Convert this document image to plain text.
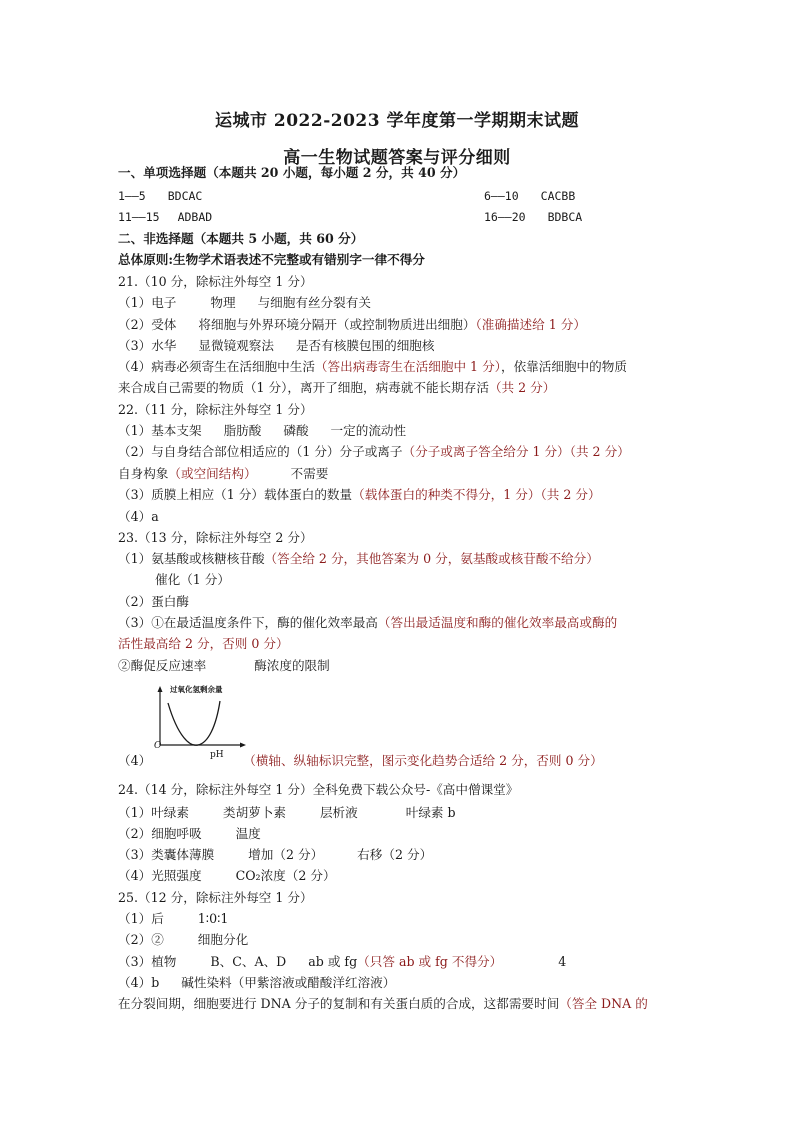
运城市 2022-2023 学年度第一学期期末试题
高一生物试题答案与评分细则
一、单项选择题（本题共 20 小题，每小题 2 分，共 40 分）
1——5 BDCAC	6——10 CACBB
11——15 ADBAD	16——20 BDBCA
二、非选择题（本题共 5 小题，共 60 分）
总体原则:生物学术语表述不完整或有错别字一律不得分
21.（10 分，除标注外每空 1 分）
（1）电子	物理 与细胞有丝分裂有关
（2）受体 将细胞与外界环境分隔开（或控制物质进出细胞）（准确描述给 1 分）
（3）水华 显微镜观察法 是否有核膜包围的细胞核
（4）病毒必须寄生在活细胞中生活（答出病毒寄生在活细胞中 1 分），依靠活细胞中的物质
来合成自己需要的物质（1 分），离开了细胞，病毒就不能长期存活（共 2 分）
22.（11 分，除标注外每空 1 分）
（1）基本支架 脂肪酸 磷酸 一定的流动性
（2）与自身结合部位相适应的（1 分）分子或离子（分子或离子答全给分 1 分）（共 2 分）
自身构象（或空间结构）	不需要
（3）质膜上相应（1 分）载体蛋白的数量（载体蛋白的种类不得分，1 分）（共 2 分）
（4）a
23.（13 分，除标注外每空 2 分）
（1）氨基酸或核糖核苷酸（答全给 2 分，其他答案为 0 分，氨基酸或核苷酸不给分）
催化（1 分）
（2）蛋白酶
（3）①在最适温度条件下，酶的催化效率最高（答出最适温度和酶的催化效率最高或酶的
活性最高给 2 分，否则 0 分）
②酶促反应速率	酶浓度的限制
过氧化氢剩余量
O
pH
（4）	（横轴、纵轴标识完整，图示变化趋势合适给 2 分，否则 0 分）
24.（14 分，除标注外每空 1 分）全科免费下载公众号-《高中僧课堂》
（1）叶绿素	类胡萝卜素	层析液	叶绿素 b
（2）细胞呼吸	温度
（3）类囊体薄膜	增加（2 分）	右移（2 分）
（4）光照强度	CO₂浓度（2 分）
25.（12 分，除标注外每空 1 分）
（1）后	1∶0∶1
（2）②	细胞分化
（3）植物	B、C、A、D ab 或 fg（只答 ab 或 fg 不得分）	4
（4）b 碱性染料（甲紫溶液或醋酸洋红溶液）
在分裂间期，细胞要进行 DNA 分子的复制和有关蛋白质的合成，这都需要时间（答全 DNA 的
